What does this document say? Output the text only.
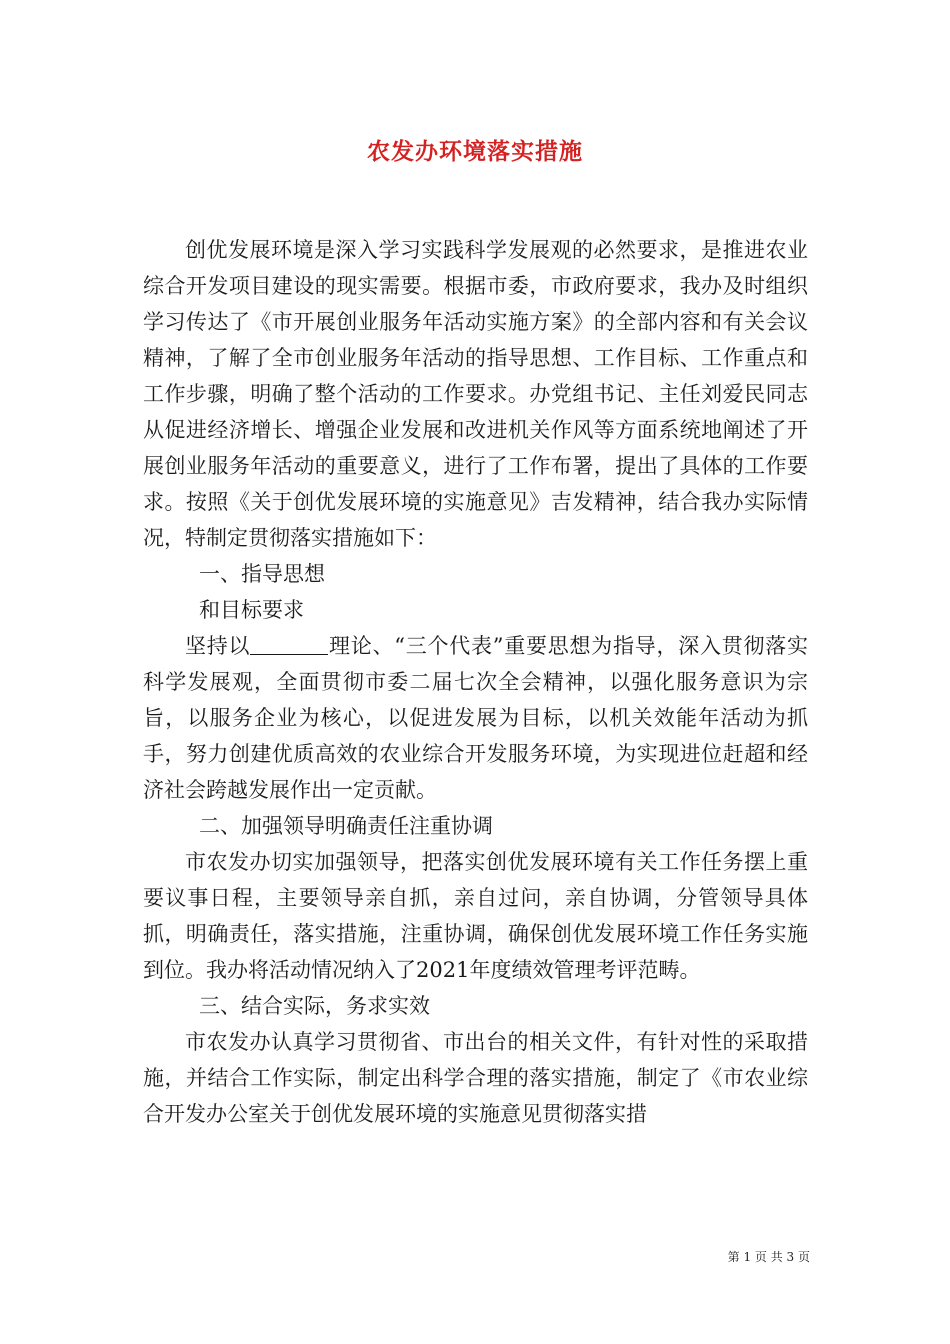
农发办环境落实措施

创优发展环境是深入学习实践科学发展观的必然要求，是推进农业综合开发项目建设的现实需要。根据市委，市政府要求，我办及时组织学习传达了《市开展创业服务年活动实施方案》的全部内容和有关会议精神，了解了全市创业服务年活动的指导思想、工作目标、工作重点和工作步骤，明确了整个活动的工作要求。办党组书记、主任刘爱民同志从促进经济增长、增强企业发展和改进机关作风等方面系统地阐述了开展创业服务年活动的重要意义，进行了工作布署，提出了具体的工作要求。按照《关于创优发展环境的实施意见》吉发精神，结合我办实际情况，特制定贯彻落实措施如下：

一、指导思想

和目标要求

坚持以	理论、“三个代表”重要思想为指导，深入贯彻落实科学发展观，全面贯彻市委二届七次全会精神，以强化服务意识为宗旨，以服务企业为核心，以促进发展为目标，以机关效能年活动为抓手，努力创建优质高效的农业综合开发服务环境，为实现进位赶超和经济社会跨越发展作出一定贡献。

二、加强领导明确责任注重协调

市农发办切实加强领导，把落实创优发展环境有关工作任务摆上重要议事日程，主要领导亲自抓，亲自过问，亲自协调，分管领导具体抓，明确责任，落实措施，注重协调，确保创优发展环境工作任务实施到位。我办将活动情况纳入了2021年度绩效管理考评范畴。

三、结合实际，务求实效

市农发办认真学习贯彻省、市出台的相关文件，有针对性的采取措施，并结合工作实际，制定出科学合理的落实措施，制定了《市农业综合开发办公室关于创优发展环境的实施意见贯彻落实措

第 1 页 共 3 页
